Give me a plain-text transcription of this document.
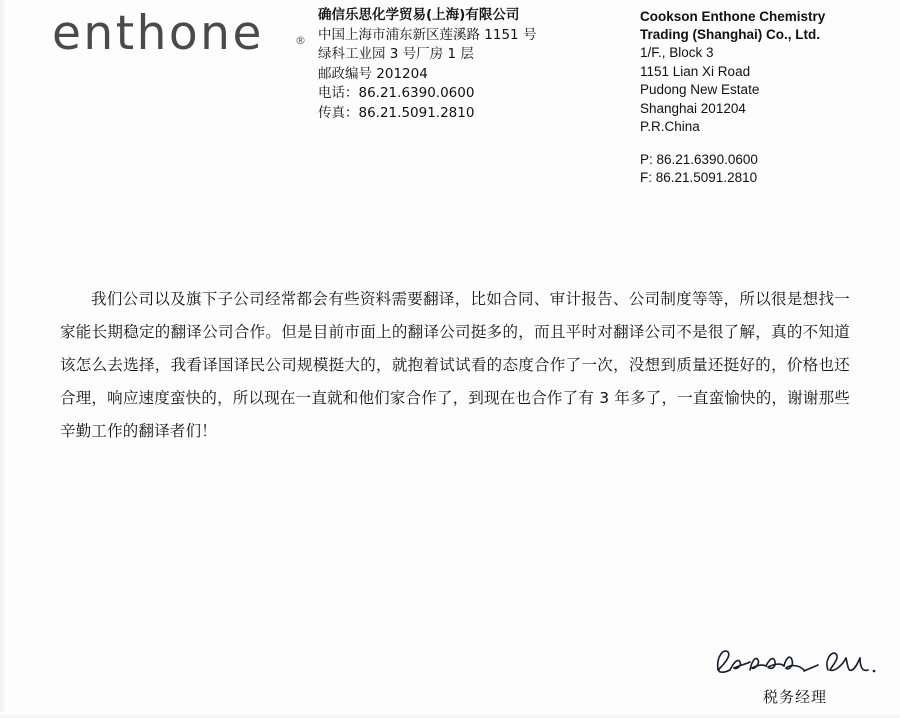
enthone	®
确信乐思化学贸易(上海)有限公司
中国上海市浦东新区莲溪路 1151 号
绿科工业园 3 号厂房 1 层
邮政编号 201204
电话：86.21.6390.0600
传真：86.21.5091.2810
Cookson Enthone Chemistry
Trading (Shanghai) Co., Ltd.
1/F., Block 3
1151 Lian Xi Road
Pudong New Estate
Shanghai 201204
P.R.China
P: 86.21.6390.0600
F: 86.21.5091.2810
我们公司以及旗下子公司经常都会有些资料需要翻译，比如合同、审计报告、公司制度等等，所以很是想找一家能长期稳定的翻译公司合作。但是目前市面上的翻译公司挺多的，而且平时对翻译公司不是很了解，真的不知道该怎么去选择，我看译国译民公司规模挺大的，就抱着试试看的态度合作了一次，没想到质量还挺好的，价格也还合理，响应速度蛮快的，所以现在一直就和他们家合作了，到现在也合作了有 3 年多了，一直蛮愉快的，谢谢那些辛勤工作的翻译者们！
税务经理
